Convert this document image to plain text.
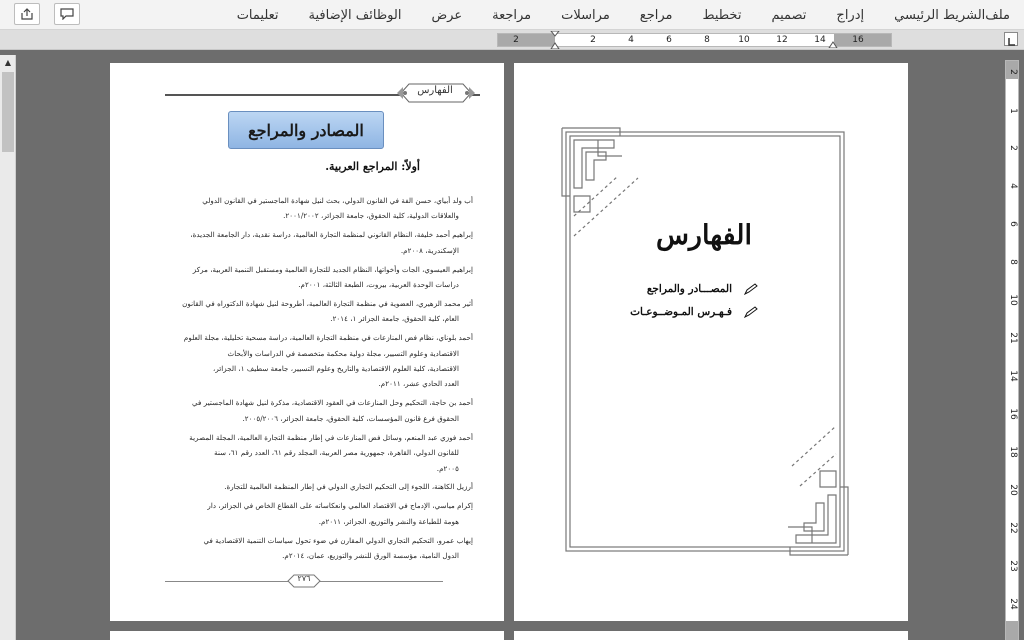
ملف
الشريط الرئيسي
إدراج
تصميم
تخطيط
مراجع
مراسلات
مراجعة
عرض
الوظائف الإضافية
تعليمات
2	2	4	6	8	10	12	14	16
▲
2
1
2
4
6
8
10
21
14
16
18
20
22
23
24
الفهارس
المصادر والمراجع
أولاً: المراجع العربية.
أب ولد أبياي، حسن الفة في القانون الدولي، بحث لنيل شهادة الماجستير في القانون الدولي
والعلاقات الدولية، كلية الحقوق، جامعة الجزائر، ٢٠٠١/٢٠٠٢.
إبراهيم أحمد خليفة، النظام القانوني لمنظمة التجارة العالمية، دراسة نقدية، دار الجامعة الجديدة،
الإسكندرية، ٢٠٠٨م.
إبراهيم العيسوي، الجات وأخواتها، النظام الجديد للتجارة العالمية ومستقبل التنمية العربية، مركز
دراسات الوحدة العربية، بيروت، الطبعة الثالثة، ٢٠٠١م.
أثير محمد الزهيري، العضوية في منظمة التجارة العالمية، أطروحة لنيل شهادة الدكتوراه في القانون
العام، كلية الحقوق، جامعة الجزائر ١، ٢٠١٤.
أحمد بلوناي، نظام فض المنازعات في منظمة التجارة العالمية، دراسة مسحية تحليلية، مجلة العلوم
الاقتصادية وعلوم التسيير، مجلة دولية محكمة متخصصة في الدراسات والأبحاث
الاقتصادية، كلية العلوم الاقتصادية والتاريخ وعلوم التسيير، جامعة سطيف ١، الجزائر،
العدد الحادي عشر، ٢٠١١م.
أحمد بن حاجة، التحكيم وحل المنازعات في العقود الاقتصادية، مذكرة لنيل شهادة الماجستير في
الحقوق فرع قانون المؤسسات، كلية الحقوق، جامعة الجزائر، ٢٠٠٥/٢٠٠٦.
أحمد فوزي عبد المنعم، وسائل فض المنازعات في إطار منظمة التجارة العالمية، المجلة المصرية
للقانون الدولي، القاهرة، جمهورية مصر العربية، المجلد رقم ٦١، العدد رقم ٦١، سنة
٢٠٠٥م.
أرزيل الكاهنة، اللجوء إلى التحكيم التجاري الدولي في إطار المنظمة العالمية للتجارة.
إكرام مياسي، الإدماج في الاقتصاد العالمي وانعكاساته على القطاع الخاص في الجزائر، دار
هومة للطباعة والنشر والتوزيع، الجزائر، ٢٠١١م.
إيهاب عمرو، التحكيم التجاري الدولي المقارن في ضوء تحول سياسات التنمية الاقتصادية في
الدول النامية، مؤسسة الورق للنشر والتوزيع، عمان، ٢٠١٤م.
٢٧٦
الفهارس
المصـــادر والمراجع
فـهـرس المـوضــوعـات
